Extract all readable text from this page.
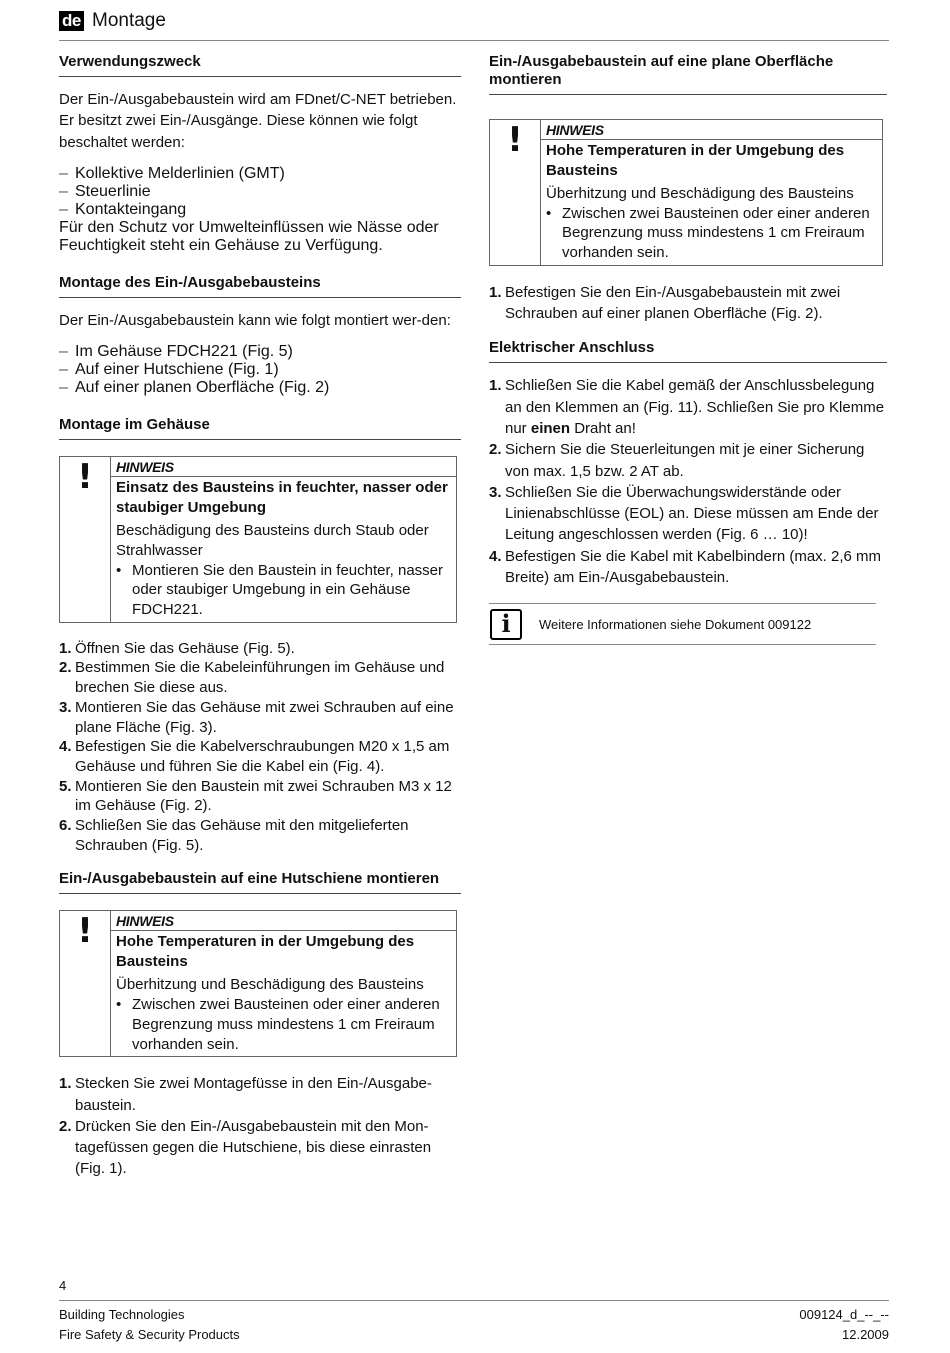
de Montage
Verwendungszweck

Der Ein-/Ausgabebaustein wird am FDnet/C-NET betrieben. Er besitzt zwei Ein-/Ausgänge. Diese können wie folgt beschaltet werden:

– Kollektive Melderlinien (GMT)
– Steuerlinie
– Kontakteingang
Für den Schutz vor Umwelteinflüssen wie Nässe oder Feuchtigkeit steht ein Gehäuse zu Verfügung.

Montage des Ein-/Ausgabebausteins

Der Ein-/Ausgabebaustein kann wie folgt montiert wer-den:

– Im Gehäuse FDCH221 (Fig. 5)
– Auf einer Hutschiene (Fig. 1)
– Auf einer planen Oberfläche (Fig. 2)

Montage im Gehäuse
!	HINWEIS
Einsatz des Bausteins in feuchter, nasser oder staubiger Umgebung
Beschädigung des Bausteins durch Staub oder Strahlwasser
• Montieren Sie den Baustein in feuchter, nasser oder staubiger Umgebung in ein Gehäuse FDCH221.
1. Öffnen Sie das Gehäuse (Fig. 5).
2. Bestimmen Sie die Kabeleinführungen im Gehäuse und brechen Sie diese aus.
3. Montieren Sie das Gehäuse mit zwei Schrauben auf eine plane Fläche (Fig. 3).
4. Befestigen Sie die Kabelverschraubungen M20 x 1,5 am Gehäuse und führen Sie die Kabel ein (Fig. 4).
5. Montieren Sie den Baustein mit zwei Schrauben M3 x 12 im Gehäuse (Fig. 2).
6. Schließen Sie das Gehäuse mit den mitgelieferten Schrauben (Fig. 5).
Ein-/Ausgabebaustein auf eine Hutschiene montieren
!	HINWEIS
Hohe Temperaturen in der Umgebung des Bausteins
Überhitzung und Beschädigung des Bausteins
• Zwischen zwei Bausteinen oder einer anderen Begrenzung muss mindestens 1 cm Freiraum vorhanden sein.
1. Stecken Sie zwei Montagefüsse in den Ein-/Ausgabe-baustein.
2. Drücken Sie den Ein-/Ausgabebaustein mit den Mon-tagefüssen gegen die Hutschiene, bis diese einrasten (Fig. 1).
Ein-/Ausgabebaustein auf eine plane Oberfläche montieren
!	HINWEIS
Hohe Temperaturen in der Umgebung des Bausteins
Überhitzung und Beschädigung des Bausteins
• Zwischen zwei Bausteinen oder einer anderen Begrenzung muss mindestens 1 cm Freiraum vorhanden sein.
1. Befestigen Sie den Ein-/Ausgabebaustein mit zwei Schrauben auf einer planen Oberfläche (Fig. 2).
Elektrischer Anschluss
1. Schließen Sie die Kabel gemäß der Anschlussbelegung an den Klemmen an (Fig. 11). Schließen Sie pro Klemme nur einen Draht an!
2. Sichern Sie die Steuerleitungen mit je einer Sicherung von max. 1,5 bzw. 2 AT ab.
3. Schließen Sie die Überwachungswiderstände oder Linienabschlüsse (EOL) an. Diese müssen am Ende der Leitung angeschlossen werden (Fig. 6 … 10)!
4. Befestigen Sie die Kabel mit Kabelbindern (max. 2,6 mm Breite) am Ein-/Ausgabebaustein.
i	Weitere Informationen siehe Dokument 009122
4
Building Technologies	009124_d_--_--
Fire Safety & Security Products	12.2009
